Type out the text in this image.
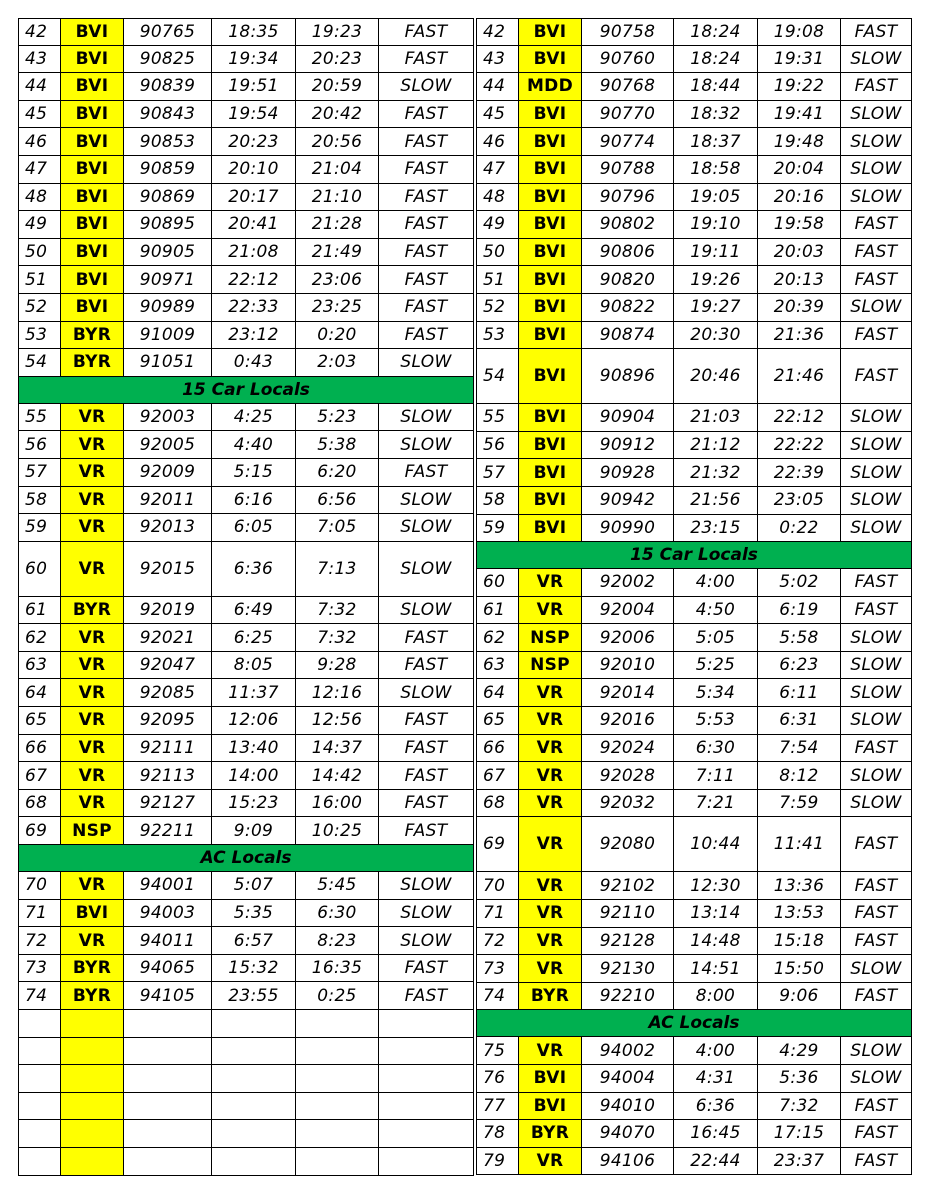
42	BVI	90765	18:35	19:23	FAST
43	BVI	90825	19:34	20:23	FAST
44	BVI	90839	19:51	20:59	SLOW
45	BVI	90843	19:54	20:42	FAST
46	BVI	90853	20:23	20:56	FAST
47	BVI	90859	20:10	21:04	FAST
48	BVI	90869	20:17	21:10	FAST
49	BVI	90895	20:41	21:28	FAST
50	BVI	90905	21:08	21:49	FAST
51	BVI	90971	22:12	23:06	FAST
52	BVI	90989	22:33	23:25	FAST
53	BYR	91009	23:12	0:20	FAST
54	BYR	91051	0:43	2:03	SLOW
15 Car Locals
55	VR	92003	4:25	5:23	SLOW
56	VR	92005	4:40	5:38	SLOW
57	VR	92009	5:15	6:20	FAST
58	VR	92011	6:16	6:56	SLOW
59	VR	92013	6:05	7:05	SLOW
60	VR	92015	6:36	7:13	SLOW
61	BYR	92019	6:49	7:32	SLOW
62	VR	92021	6:25	7:32	FAST
63	VR	92047	8:05	9:28	FAST
64	VR	92085	11:37	12:16	SLOW
65	VR	92095	12:06	12:56	FAST
66	VR	92111	13:40	14:37	FAST
67	VR	92113	14:00	14:42	FAST
68	VR	92127	15:23	16:00	FAST
69	NSP	92211	9:09	10:25	FAST
AC Locals
70	VR	94001	5:07	5:45	SLOW
71	BVI	94003	5:35	6:30	SLOW
72	VR	94011	6:57	8:23	SLOW
73	BYR	94065	15:32	16:35	FAST
74	BYR	94105	23:55	0:25	FAST
42	BVI	90758	18:24	19:08	FAST
43	BVI	90760	18:24	19:31	SLOW
44	MDD	90768	18:44	19:22	FAST
45	BVI	90770	18:32	19:41	SLOW
46	BVI	90774	18:37	19:48	SLOW
47	BVI	90788	18:58	20:04	SLOW
48	BVI	90796	19:05	20:16	SLOW
49	BVI	90802	19:10	19:58	FAST
50	BVI	90806	19:11	20:03	FAST
51	BVI	90820	19:26	20:13	FAST
52	BVI	90822	19:27	20:39	SLOW
53	BVI	90874	20:30	21:36	FAST
54	BVI	90896	20:46	21:46	FAST
55	BVI	90904	21:03	22:12	SLOW
56	BVI	90912	21:12	22:22	SLOW
57	BVI	90928	21:32	22:39	SLOW
58	BVI	90942	21:56	23:05	SLOW
59	BVI	90990	23:15	0:22	SLOW
15 Car Locals
60	VR	92002	4:00	5:02	FAST
61	VR	92004	4:50	6:19	FAST
62	NSP	92006	5:05	5:58	SLOW
63	NSP	92010	5:25	6:23	SLOW
64	VR	92014	5:34	6:11	SLOW
65	VR	92016	5:53	6:31	SLOW
66	VR	92024	6:30	7:54	FAST
67	VR	92028	7:11	8:12	SLOW
68	VR	92032	7:21	7:59	SLOW
69	VR	92080	10:44	11:41	FAST
70	VR	92102	12:30	13:36	FAST
71	VR	92110	13:14	13:53	FAST
72	VR	92128	14:48	15:18	FAST
73	VR	92130	14:51	15:50	SLOW
74	BYR	92210	8:00	9:06	FAST
AC Locals
75	VR	94002	4:00	4:29	SLOW
76	BVI	94004	4:31	5:36	SLOW
77	BVI	94010	6:36	7:32	FAST
78	BYR	94070	16:45	17:15	FAST
79	VR	94106	22:44	23:37	FAST
